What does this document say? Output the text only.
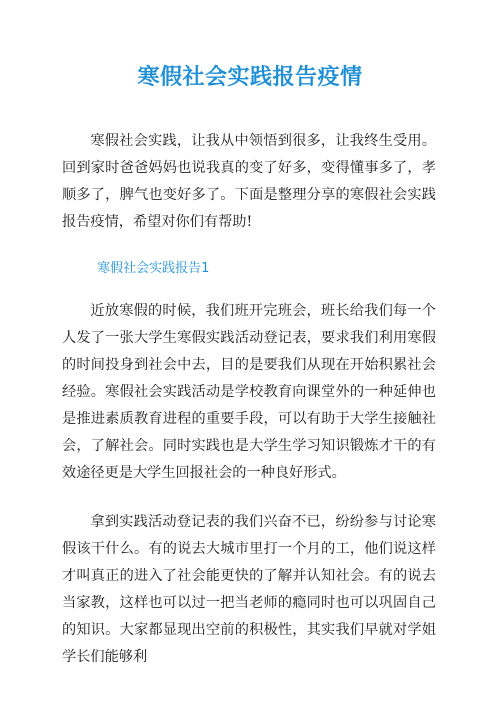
寒假社会实践报告疫情

寒假社会实践，让我从中领悟到很多，让我终生受用。回到家时爸爸妈妈也说我真的变了好多，变得懂事多了，孝顺多了，脾气也变好多了。下面是整理分享的寒假社会实践报告疫情，希望对你们有帮助!

寒假社会实践报告1

近放寒假的时候，我们班开完班会，班长给我们每一个人发了一张大学生寒假实践活动登记表，要求我们利用寒假的时间投身到社会中去，目的是要我们从现在开始积累社会经验。寒假社会实践活动是学校教育向课堂外的一种延伸也是推进素质教育进程的重要手段，可以有助于大学生接触社会，了解社会。同时实践也是大学生学习知识锻炼才干的有效途径更是大学生回报社会的一种良好形式。

拿到实践活动登记表的我们兴奋不已，纷纷参与讨论寒假该干什么。有的说去大城市里打一个月的工，他们说这样才叫真正的进入了社会能更快的了解并认知社会。有的说去当家教，这样也可以过一把当老师的瘾同时也可以巩固自己的知识。大家都显现出空前的积极性，其实我们早就对学姐学长们能够利
